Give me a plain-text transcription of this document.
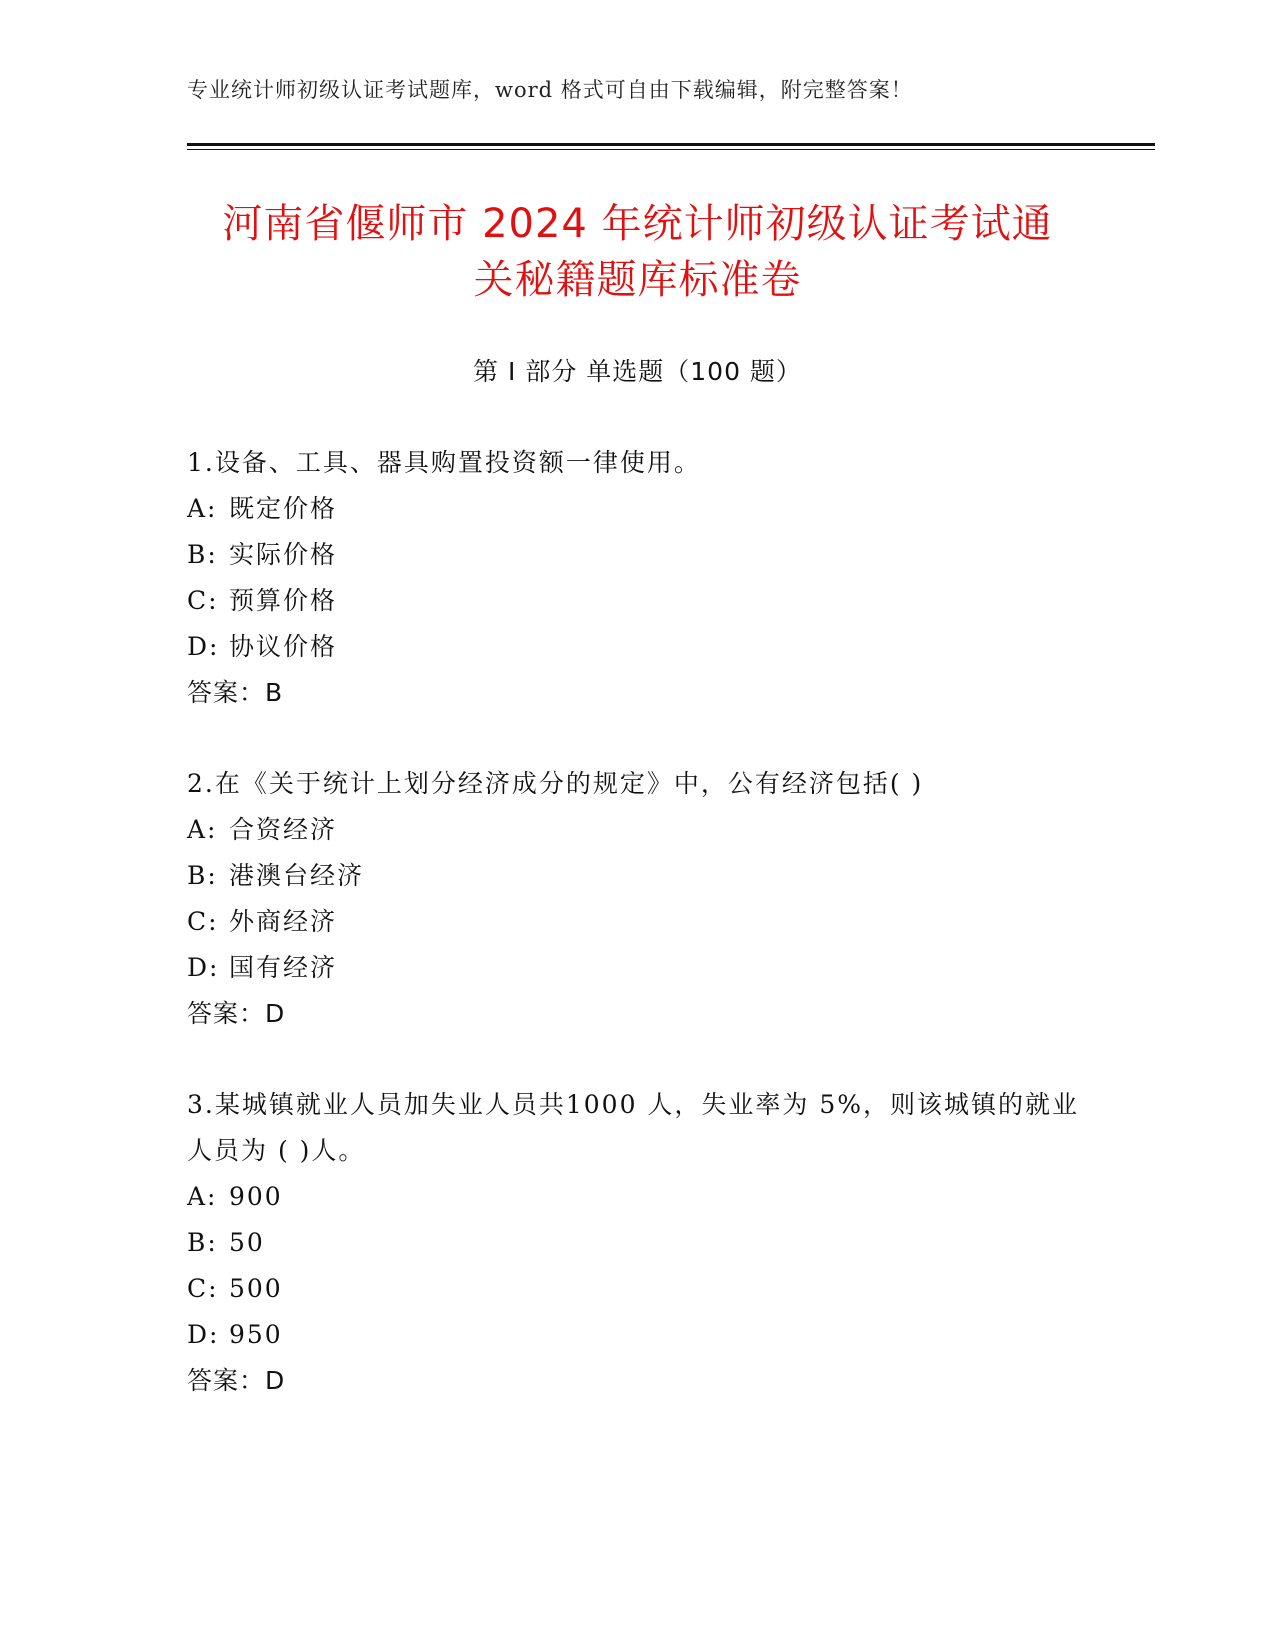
专业统计师初级认证考试题库，word 格式可自由下载编辑，附完整答案！
河南省偃师市 2024 年统计师初级认证考试通
关秘籍题库标准卷
第 I 部分 单选题（100 题）

1.设备、工具、器具购置投资额一律使用。

A: 既定价格

B: 实际价格

C: 预算价格

D: 协议价格

答案：B

2.在《关于统计上划分经济成分的规定》中，公有经济包括( )

A: 合资经济

B: 港澳台经济

C: 外商经济

D: 国有经济

答案：D

3.某城镇就业人员加失业人员共1000 人，失业率为 5%，则该城镇的就业人员为 ( )人。

A: 900

B: 50

C: 500

D: 950

答案：D
